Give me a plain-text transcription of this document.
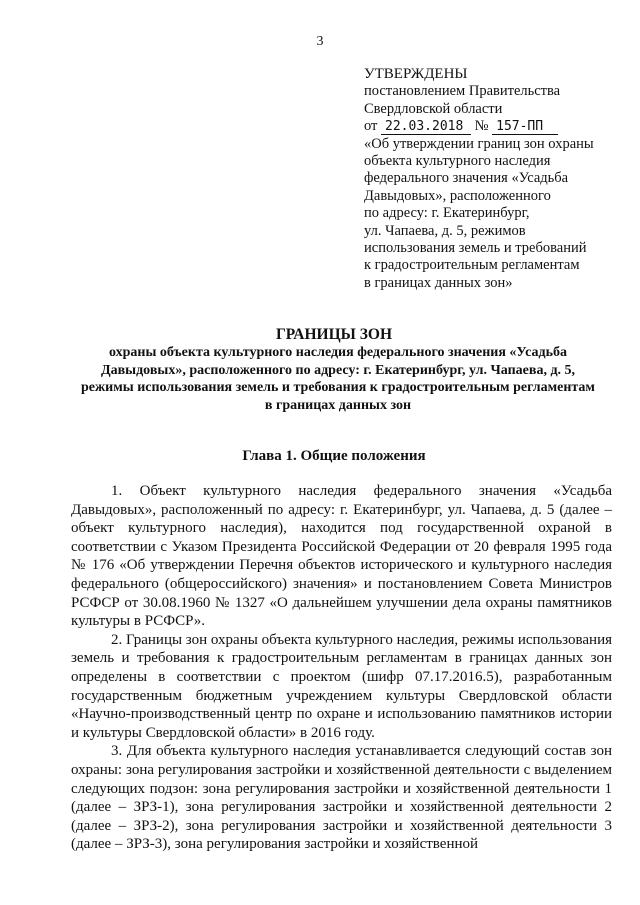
3
УТВЕРЖДЕНЫ
постановлением Правительства
Свердловской области
от 22.03.2018 № 157-ПП
«Об утверждении границ зон охраны
объекта культурного наследия
федерального значения «Усадьба
Давыдовых», расположенного
по адресу: г. Екатеринбург,
ул. Чапаева, д. 5, режимов
использования земель и требований
к градостроительным регламентам
в границах данных зон»
ГРАНИЦЫ ЗОН
охраны объекта культурного наследия федерального значения «Усадьба
Давыдовых», расположенного по адресу: г. Екатеринбург, ул. Чапаева, д. 5,
режимы использования земель и требования к градостроительным регламентам
в границах данных зон
Глава 1. Общие положения

1. Объект культурного наследия федерального значения «Усадьба Давыдовых», расположенный по адресу: г. Екатеринбург, ул. Чапаева, д. 5 (далее – объект культурного наследия), находится под государственной охраной в соответствии с Указом Президента Российской Федерации от 20 февраля 1995 года № 176 «Об утверждении Перечня объектов исторического и культурного наследия федерального (общероссийского) значения» и постановлением Совета Министров РСФСР от 30.08.1960 № 1327 «О дальнейшем улучшении дела охраны памятников культуры в РСФСР».

2. Границы зон охраны объекта культурного наследия, режимы использования земель и требования к градостроительным регламентам в границах данных зон определены в соответствии с проектом (шифр 07.17.2016.5), разработанным государственным бюджетным учреждением культуры Свердловской области «Научно-производственный центр по охране и использованию памятников истории и культуры Свердловской области» в 2016 году.

3. Для объекта культурного наследия устанавливается следующий состав зон охраны: зона регулирования застройки и хозяйственной деятельности с выделением следующих подзон: зона регулирования застройки и хозяйственной деятельности 1 (далее – ЗРЗ-1), зона регулирования застройки и хозяйственной деятельности 2 (далее – ЗРЗ-2), зона регулирования застройки и хозяйственной деятельности 3 (далее – ЗРЗ-3), зона регулирования застройки и хозяйственной
